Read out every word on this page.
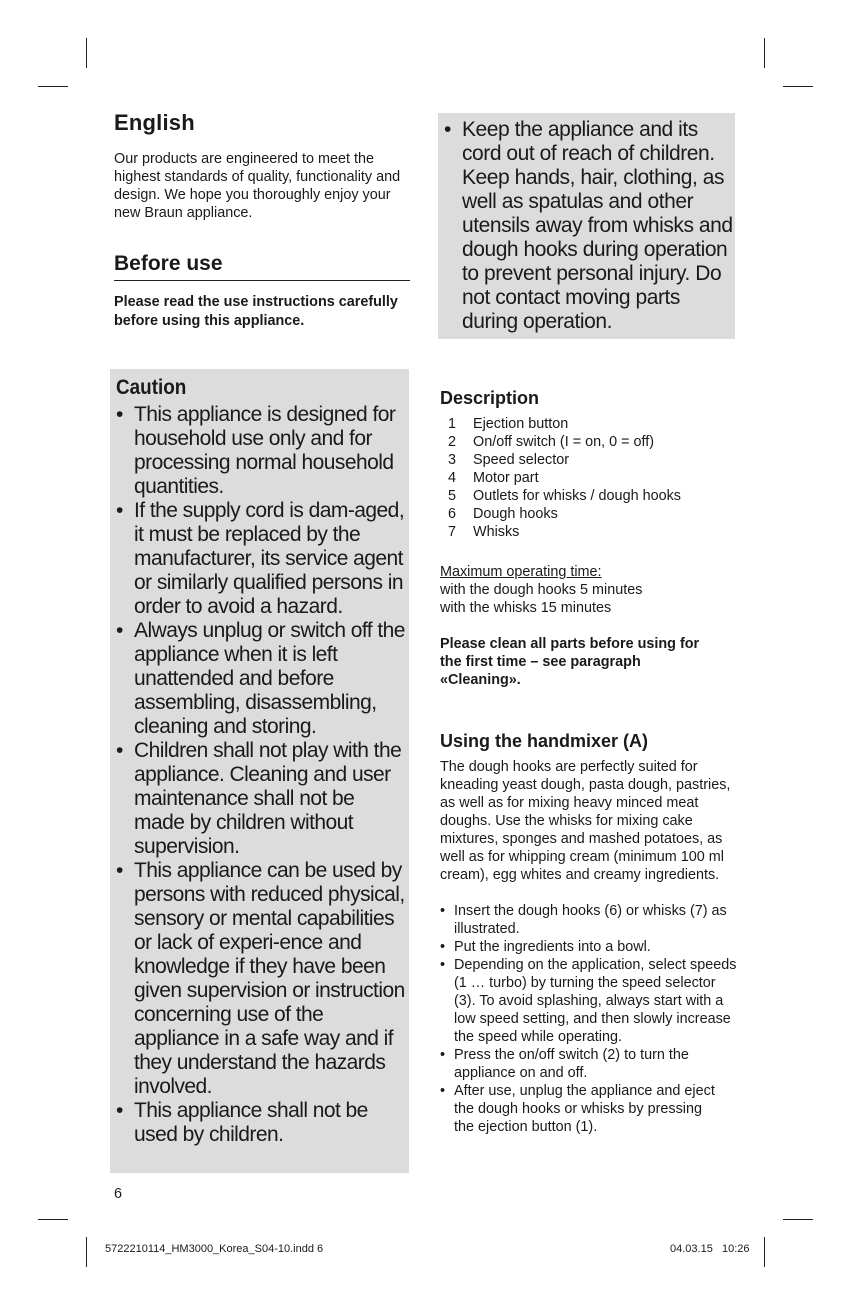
English

Our products are engineered to meet the highest standards of quality, functionality and design. We hope you thoroughly enjoy your new Braun appliance.

Before use

Please read the use instructions carefully before using this appliance.

Caution
• This appliance is designed for household use only and for processing normal household quantities.
• If the supply cord is dam-aged, it must be replaced by the manufacturer, its service agent or similarly qualified persons in order to avoid a hazard.
• Always unplug or switch off the appliance when it is left unattended and before assembling, disassembling, cleaning and storing.
• Children shall not play with the appliance. Cleaning and user maintenance shall not be made by children without supervision.
• This appliance can be used by persons with reduced physical, sensory or mental capabilities or lack of experi-ence and knowledge if they have been given supervision or instruction concerning use of the appliance in a safe way and if they understand the hazards involved.
• This appliance shall not be used by children.
• Keep the appliance and its cord out of reach of children. Keep hands, hair, clothing, as well as spatulas and other utensils away from whisks and dough hooks during operation to prevent personal injury. Do not contact moving parts during operation.
Description
1	Ejection button
2	On/off switch (I = on, 0 = off)
3	Speed selector
4	Motor part
5	Outlets for whisks / dough hooks
6	Dough hooks
7	Whisks

Maximum operating time:

with the dough hooks 5 minutes

with the whisks 15 minutes

Please clean all parts before using for the first time – see paragraph «Cleaning».

Using the handmixer (A)

The dough hooks are perfectly suited for kneading yeast dough, pasta dough, pastries, as well as for mixing heavy minced meat doughs. Use the whisks for mixing cake mixtures, sponges and mashed potatoes, as well as for whipping cream (minimum 100 ml cream), egg whites and creamy ingredients.

• Insert the dough hooks (6) or whisks (7) as illustrated.
• Put the ingredients into a bowl.
• Depending on the application, select speeds (1 … turbo) by turning the speed selector (3). To avoid splashing, always start with a low speed setting, and then slowly increase the speed while operating.
• Press the on/off switch (2) to turn the appliance on and off.
• After use, unplug the appliance and eject the dough hooks or whisks by pressing the ejection button (1).
6
5722210114_HM3000_Korea_S04-10.indd 6	04.03.15   10:26
